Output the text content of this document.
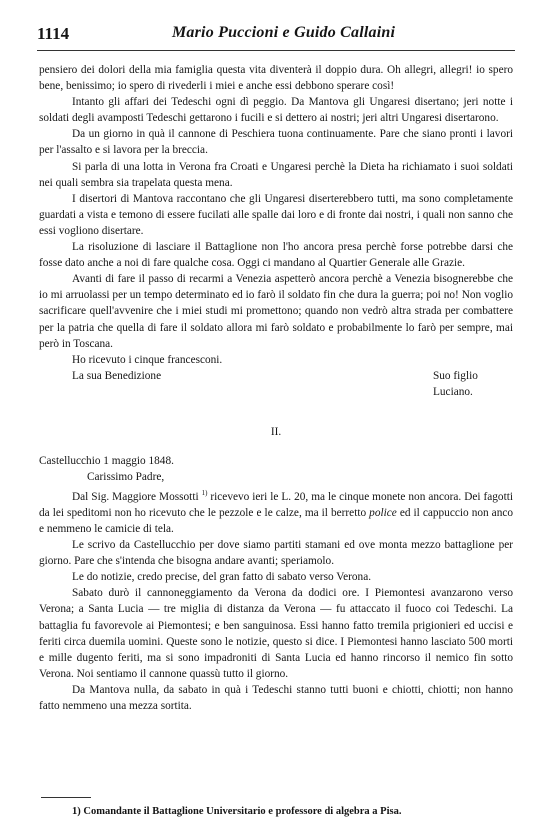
1114	Mario Puccioni e Guido Callaini

pensiero dei dolori della mia famiglia questa vita diventerà il doppio dura. Oh allegri, allegri! io spero bene, benissimo; io spero di rivederli i miei e anche essi debbono sperare così!

Intanto gli affari dei Tedeschi ogni dì peggio. Da Mantova gli Ungaresi disertano; jeri notte i soldati degli avamposti Tedeschi gettarono i fucili e si dettero ai nostri; jeri altri Ungaresi disertarono.

Da un giorno in quà il cannone di Peschiera tuona continuamente. Pare che siano pronti i lavori per l'assalto e si lavora per la breccia.

Si parla di una lotta in Verona fra Croati e Ungaresi perchè la Dieta ha richiamato i suoi soldati nei quali sembra sia trapelata questa mena.

I disertori di Mantova raccontano che gli Ungaresi diserterebbero tutti, ma sono completamente guardati a vista e temono di essere fucilati alle spalle dai loro e di fronte dai nostri, i quali non sanno che essi vogliono disertare.

La risoluzione di lasciare il Battaglione non l'ho ancora presa perchè forse potrebbe darsi che fosse dato anche a noi di fare qualche cosa. Oggi ci mandano al Quartier Generale alle Grazie.

Avanti di fare il passo di recarmi a Venezia aspetterò ancora perchè a Venezia bisognerebbe che io mi arruolassi per un tempo determinato ed io farò il soldato fin che dura la guerra; poi no! Non voglio sacrificare quell'avvenire che i miei studi mi promettono; quando non vedrò altra strada per combattere per la patria che quella di fare il soldato allora mi farò soldato e probabilmente lo farò per sempre, mai però in Toscana.

Ho ricevuto i cinque francesconi.

La sua Benedizione	Suo figlio
Luciano.
II.

Castellucchio 1 maggio 1848.

Carissimo Padre,

Dal Sig. Maggiore Mossotti $^{1)}$ ricevevo ieri le L. 20, ma le cinque monete non ancora. Dei fagotti da lei speditomi non ho ricevuto che le pezzole e le calze, ma il berretto police ed il cappuccio non anco e nemmeno le camicie di tela.

Le scrivo da Castellucchio per dove siamo partiti stamani ed ove monta mezzo battaglione per giorno. Pare che s'intenda che bisogna andare avanti; speriamolo.

Le do notizie, credo precise, del gran fatto di sabato verso Verona.

Sabato durò il cannoneggiamento da Verona da dodici ore. I Piemontesi avanzarono verso Verona; a Santa Lucia — tre miglia di distanza da Verona — fu attaccato il fuoco coi Tedeschi. La battaglia fu favorevole ai Piemontesi; e ben sanguinosa. Essi hanno fatto tremila prigionieri ed uccisi e feriti circa duemila uomini. Queste sono le notizie, questo si dice. I Piemontesi hanno lasciato 500 morti e mille dugento feriti, ma si sono impadroniti di Santa Lucia ed hanno rincorso il nemico fin sotto Verona. Noi sentiamo il cannone quassù tutto il giorno.

Da Mantova nulla, da sabato in quà i Tedeschi stanno tutti buoni e chiotti, chiotti; non hanno fatto nemmeno una mezza sortita.

1) Comandante il Battaglione Universitario e professore di algebra a Pisa.
